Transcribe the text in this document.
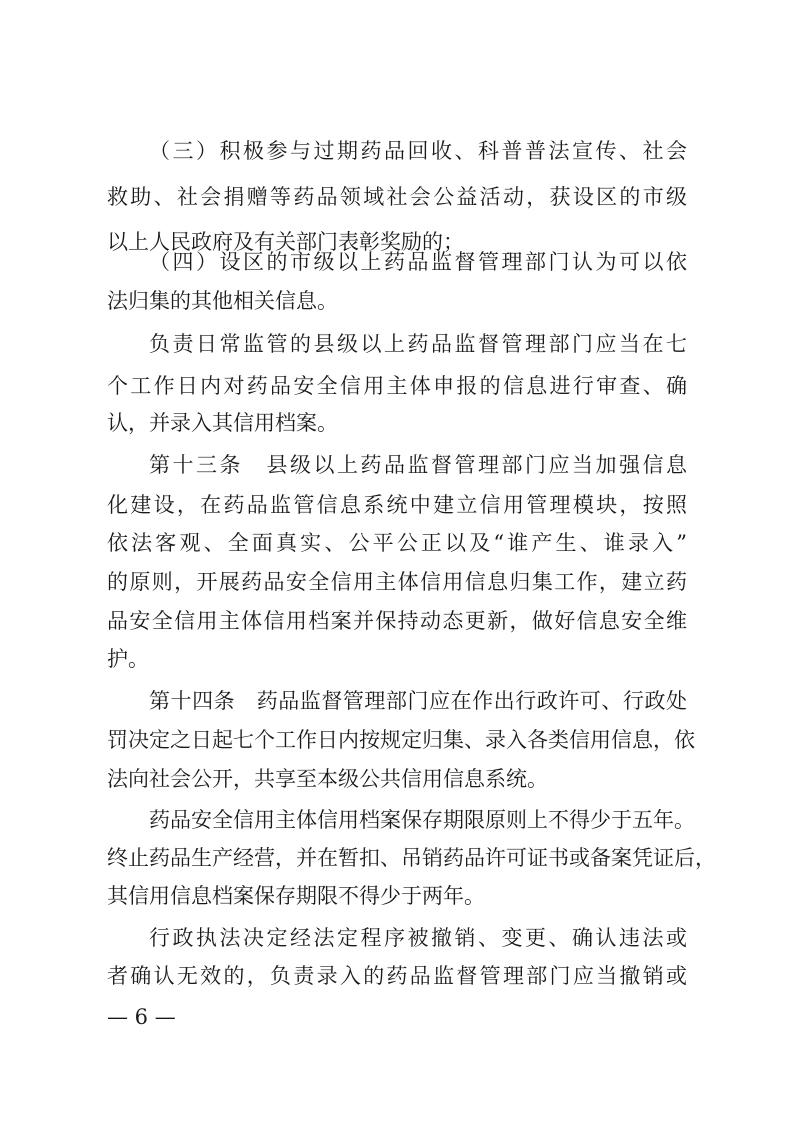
（三）积极参与过期药品回收、科普普法宣传、社会
救助、社会捐赠等药品领域社会公益活动，获设区的市级
以上人民政府及有关部门表彰奖励的；
（四）设区的市级以上药品监督管理部门认为可以依
法归集的其他相关信息。
负责日常监管的县级以上药品监督管理部门应当在七
个工作日内对药品安全信用主体申报的信息进行审查、确
认，并录入其信用档案。
第十三条　县级以上药品监督管理部门应当加强信息
化建设，在药品监管信息系统中建立信用管理模块，按照
依法客观、全面真实、公平公正以及“谁产生、谁录入”
的原则，开展药品安全信用主体信用信息归集工作，建立药
品安全信用主体信用档案并保持动态更新，做好信息安全维
护。
第十四条　药品监督管理部门应在作出行政许可、行政处
罚决定之日起七个工作日内按规定归集、录入各类信用信息，依
法向社会公开，共享至本级公共信用信息系统。
药品安全信用主体信用档案保存期限原则上不得少于五年。
终止药品生产经营，并在暂扣、吊销药品许可证书或备案凭证后，
其信用信息档案保存期限不得少于两年。
行政执法决定经法定程序被撤销、变更、确认违法或
者确认无效的，负责录入的药品监督管理部门应当撤销或
— 6 —
